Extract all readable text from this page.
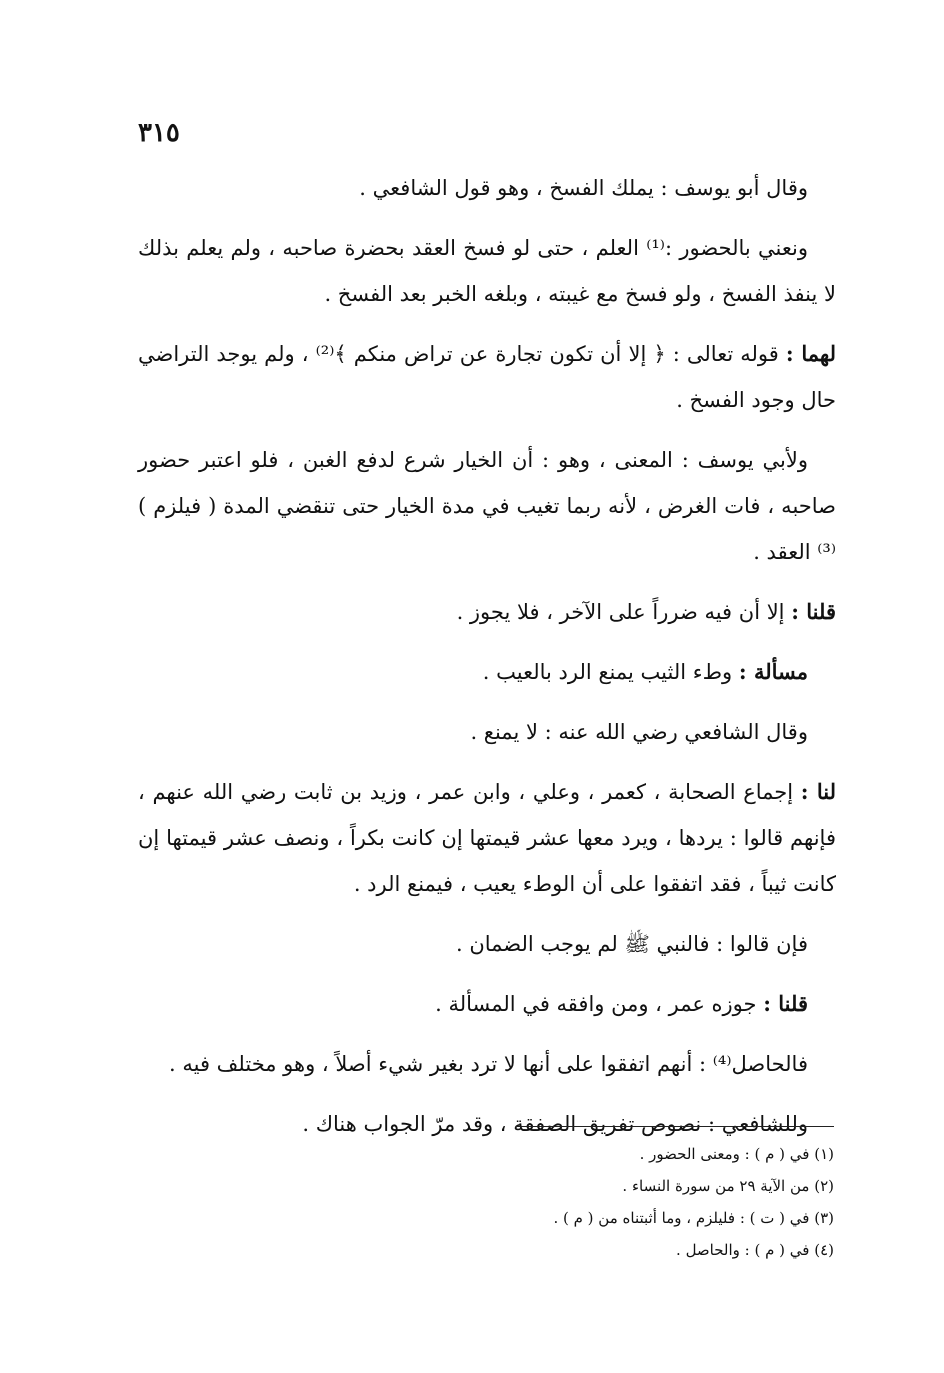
٣١٥

وقال أبو يوسف : يملك الفسخ ، وهو قول الشافعي .

ونعني بالحضور :⁽¹⁾ العلم ، حتى لو فسخ العقد بحضرة صاحبه ، ولم يعلم بذلك لا ينفذ الفسخ ، ولو فسخ مع غيبته ، وبلغه الخبر بعد الفسخ .

لهما : قوله تعالى : ﴿ إلا أن تكون تجارة عن تراض منكم ﴾⁽²⁾ ، ولم يوجد التراضي حال وجود الفسخ .

ولأبي يوسف : المعنى ، وهو : أن الخيار شرع لدفع الغبن ، فلو اعتبر حضور صاحبه ، فات الغرض ، لأنه ربما تغيب في مدة الخيار حتى تنقضي المدة ( فيلزم )⁽³⁾ العقد .

قلنا : إلا أن فيه ضرراً على الآخر ، فلا يجوز .

مسألة : وطء الثيب يمنع الرد بالعيب .

وقال الشافعي رضي الله عنه : لا يمنع .

لنا : إجماع الصحابة ، كعمر ، وعلي ، وابن عمر ، وزيد بن ثابت رضي الله عنهم ، فإنهم قالوا : يردها ، ويرد معها عشر قيمتها إن كانت بكراً ، ونصف عشر قيمتها إن كانت ثيباً ، فقد اتفقوا على أن الوطء يعيب ، فيمنع الرد .

فإن قالوا : فالنبي ﷺ لم يوجب الضمان .

قلنا : جوزه عمر ، ومن وافقه في المسألة .

فالحاصل⁽⁴⁾ : أنهم اتفقوا على أنها لا ترد بغير شيء أصلاً ، وهو مختلف فيه .

وللشافعي : نصوص تفريق الصفقة ، وقد مرّ الجواب هناك .

(١) في ( م ) : ومعنى الحضور .
(٢) من الآية ٢٩ من سورة النساء .
(٣) في ( ت ) : فليلزم ، وما أثبتناه من ( م ) .
(٤) في ( م ) : والحاصل .
